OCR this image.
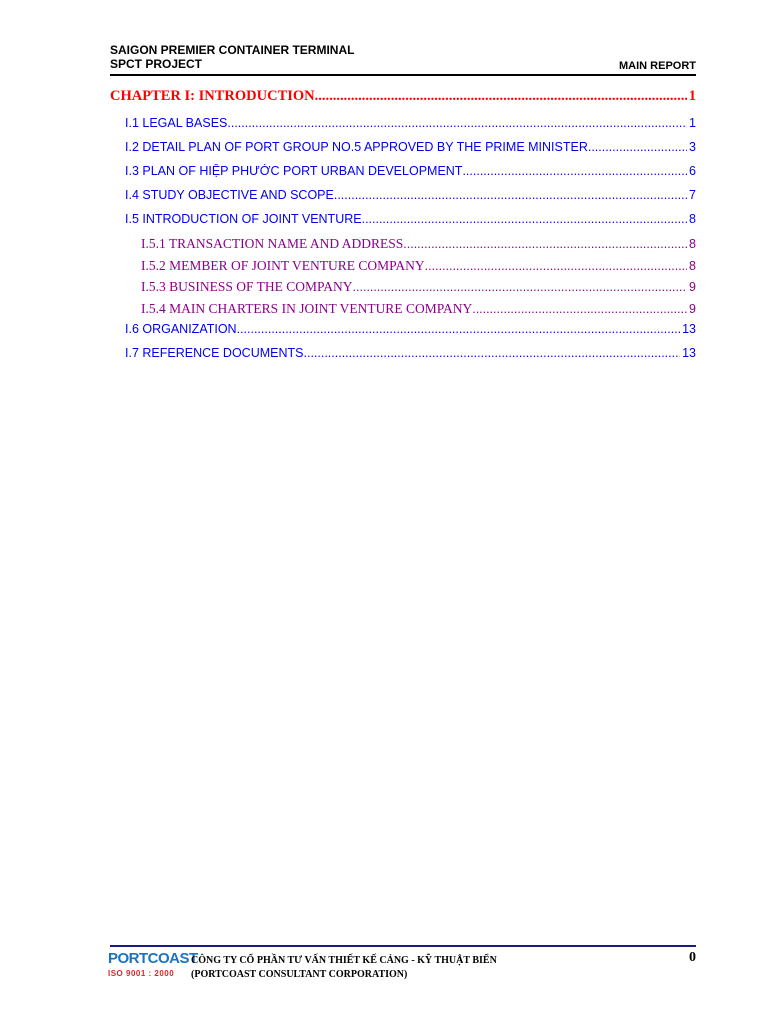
SAIGON PREMIER CONTAINER TERMINAL
SPCT PROJECT	MAIN REPORT
CHAPTER I: INTRODUCTION .....	1
I.1 LEGAL BASES .....	1
I.2 DETAIL PLAN OF PORT GROUP NO.5 APPROVED BY THE PRIME MINISTER .....	3
I.3 PLAN OF HIỆP PHƯỚC PORT URBAN DEVELOPMENT .....	6
I.4 STUDY OBJECTIVE AND SCOPE .....	7
I.5 INTRODUCTION OF JOINT VENTURE .....	8
I.5.1 TRANSACTION NAME AND ADDRESS .....	8
I.5.2 MEMBER OF JOINT VENTURE COMPANY .....	8
I.5.3 BUSINESS OF THE COMPANY .....	9
I.5.4 MAIN CHARTERS IN JOINT VENTURE COMPANY .....	9
I.6 ORGANIZATION .....	13
I.7 REFERENCE DOCUMENTS .....	13
PORTCOAST
ISO 9001 : 2000
CÔNG TY CỔ PHẦN TƯ VẤN THIẾT KẾ CẢNG - KỸ THUẬT BIỂN
(PORTCOAST CONSULTANT CORPORATION)
0
